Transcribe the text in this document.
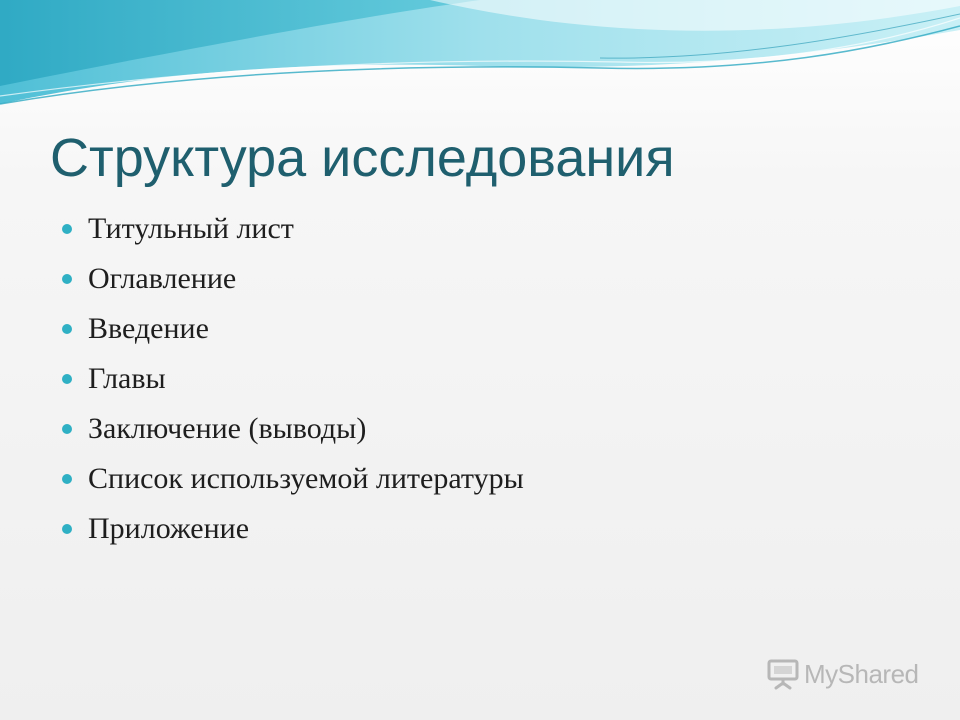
Структура исследования
Титульный лист
Оглавление
Введение
Главы
Заключение (выводы)
Список используемой литературы
Приложение
MyShared
